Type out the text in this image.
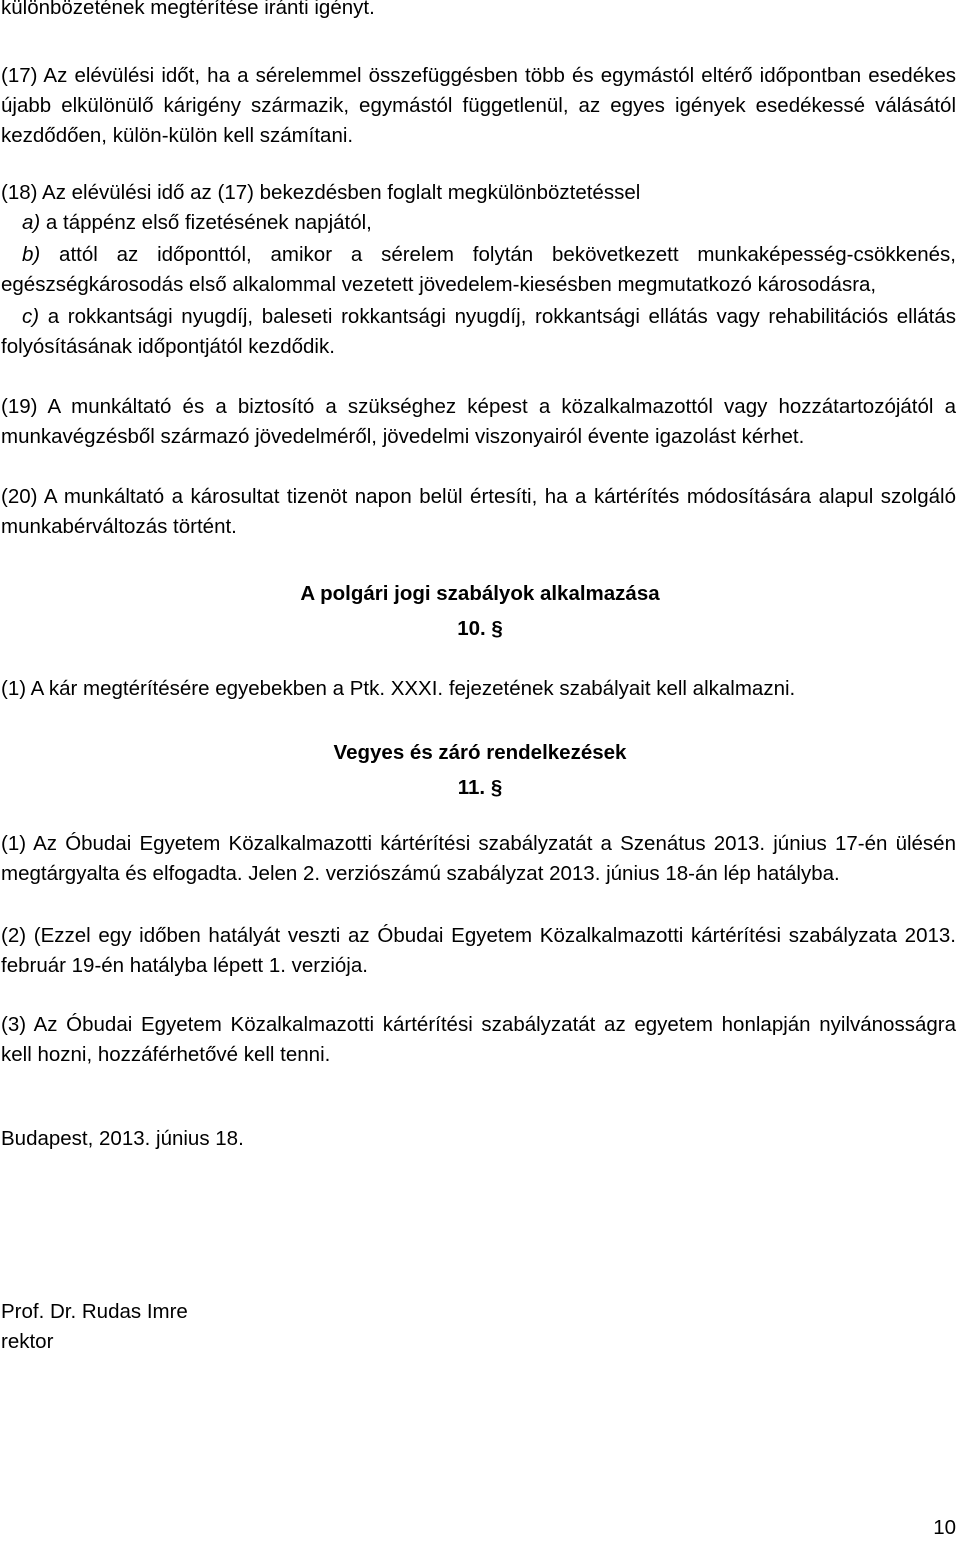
különbözetének megtérítése iránti igényt.

(17) Az elévülési időt, ha a sérelemmel összefüggésben több és egymástól eltérő időpontban esedékes újabb elkülönülő kárigény származik, egymástól függetlenül, az egyes igények esedékessé válásától kezdődően, külön-külön kell számítani.

(18) Az elévülési idő az (17) bekezdésben foglalt megkülönböztetéssel

a) a táppénz első fizetésének napjától,

b) attól az időponttól, amikor a sérelem folytán bekövetkezett munkaképesség-csökkenés, egészségkárosodás első alkalommal vezetett jövedelem-kiesésben megmutatkozó károsodásra,

c) a rokkantsági nyugdíj, baleseti rokkantsági nyugdíj, rokkantsági ellátás vagy rehabilitációs ellátás folyósításának időpontjától kezdődik.

(19) A munkáltató és a biztosító a szükséghez képest a közalkalmazottól vagy hozzátartozójától a munkavégzésből származó jövedelméről, jövedelmi viszonyairól évente igazolást kérhet.

(20) A munkáltató a károsultat tizenöt napon belül értesíti, ha a kártérítés módosítására alapul szolgáló munkabérváltozás történt.

A polgári jogi szabályok alkalmazása

10. §

(1) A kár megtérítésére egyebekben a Ptk. XXXI. fejezetének szabályait kell alkalmazni.

Vegyes és záró rendelkezések

11. §

(1) Az Óbudai Egyetem Közalkalmazotti kártérítési szabályzatát a Szenátus 2013. június 17-én ülésén megtárgyalta és elfogadta. Jelen 2. verziószámú szabályzat 2013. június 18-án lép hatályba.

(2) (Ezzel egy időben hatályát veszti az Óbudai Egyetem Közalkalmazotti kártérítési szabályzata 2013. február 19-én hatályba lépett 1. verziója.

(3) Az Óbudai Egyetem Közalkalmazotti kártérítési szabályzatát az egyetem honlapján nyilvánosságra kell hozni, hozzáférhetővé kell tenni.

Budapest, 2013. június 18.

Prof. Dr. Rudas Imre

rektor

10
